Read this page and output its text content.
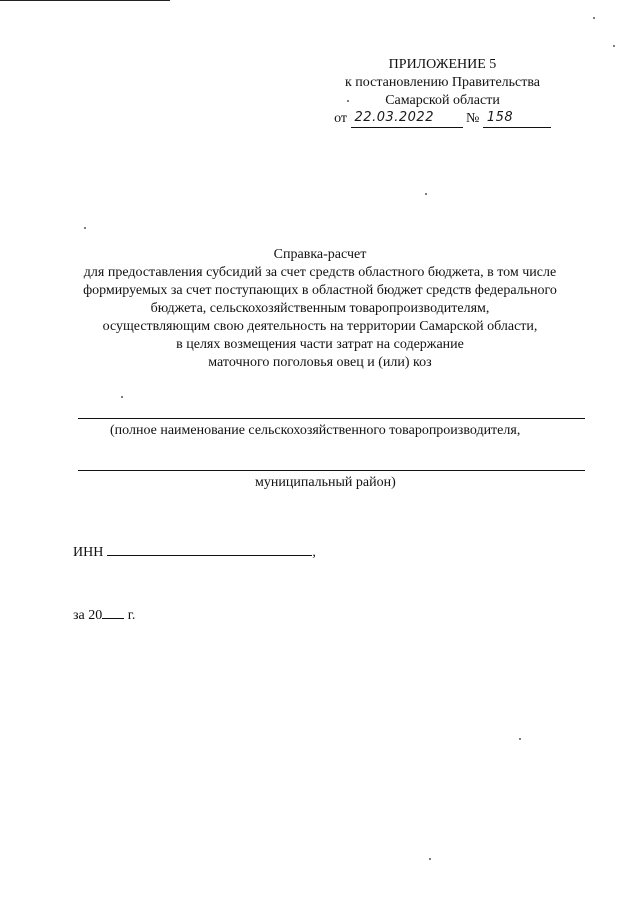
ПРИЛОЖЕНИЕ 5
к постановлению Правительства
Самарской области
от 22.03.2022 № 158
Справка-расчет
для предоставления субсидий за счет средств областного бюджета, в том числе
формируемых за счет поступающих в областной бюджет средств федерального
бюджета, сельскохозяйственным товаропроизводителям,
осуществляющим свою деятельность на территории Самарской области,
в целях возмещения части затрат на содержание
маточного поголовья овец и (или) коз
(полное наименование сельскохозяйственного товаропроизводителя,
муниципальный район)
ИНН	,
за 20 г.
